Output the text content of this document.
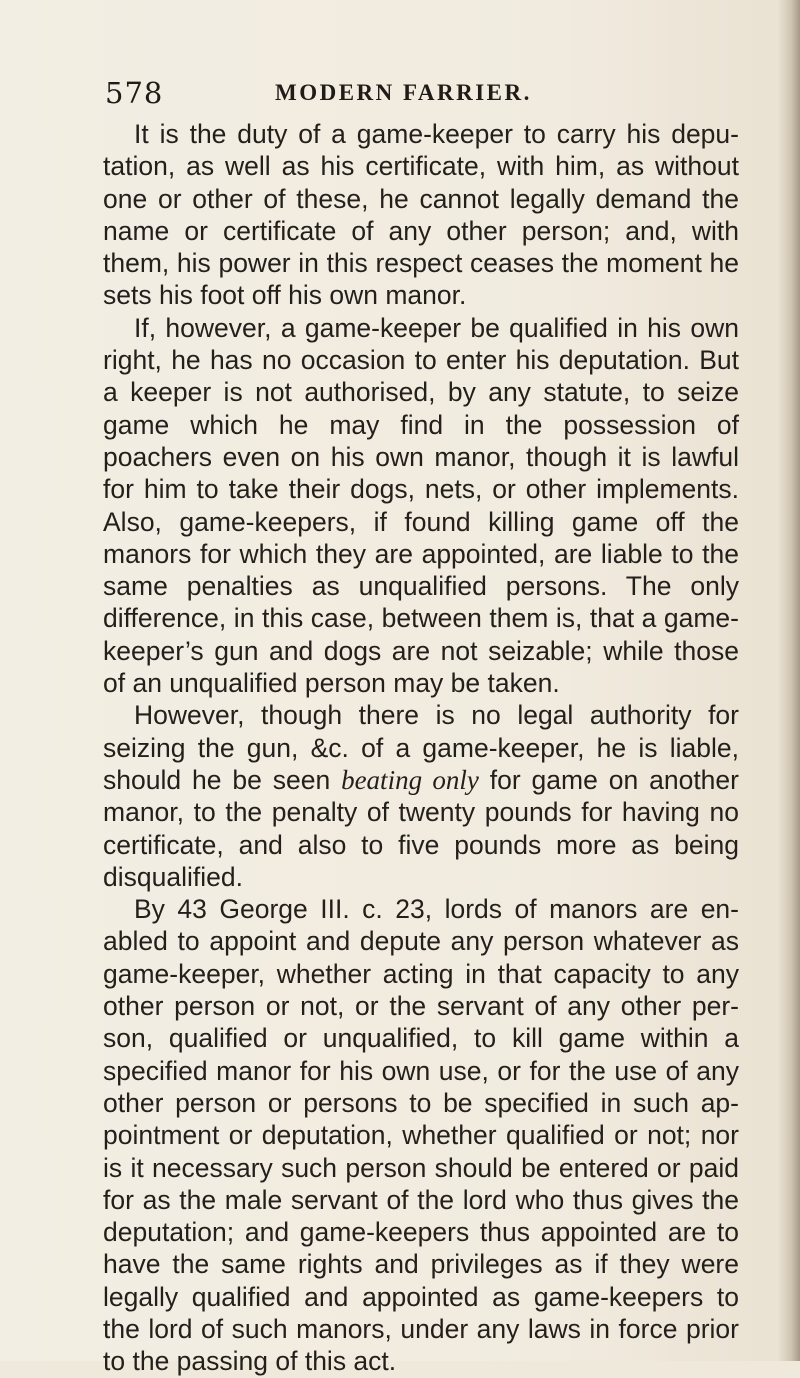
578	MODERN FARRIER.

It is the duty of a game-keeper to carry his deputation, as well as his certificate, with him, as without one or other of these, he cannot legally demand the name or certificate of any other person; and, with them, his power in this respect ceases the moment he sets his foot off his own manor.

If, however, a game-keeper be qualified in his own right, he has no occasion to enter his deputation. But a keeper is not authorised, by any statute, to seize game which he may find in the possession of poachers even on his own manor, though it is lawful for him to take their dogs, nets, or other implements. Also, game-keepers, if found killing game off the manors for which they are appointed, are liable to the same penalties as unqualified persons. The only difference, in this case, between them is, that a game-keeper’s gun and dogs are not seizable; while those of an unqualified person may be taken.

However, though there is no legal authority for seizing the gun, &c. of a game-keeper, he is liable, should he be seen beating only for game on another manor, to the penalty of twenty pounds for having no certificate, and also to five pounds more as being disqualified.

By 43 George III. c. 23, lords of manors are enabled to appoint and depute any person whatever as game-keeper, whether acting in that capacity to any other person or not, or the servant of any other person, qualified or unqualified, to kill game within a specified manor for his own use, or for the use of any other person or persons to be specified in such appointment or deputation, whether qualified or not; nor is it necessary such person should be entered or paid for as the male servant of the lord who thus gives the deputation; and game-keepers thus appointed are to have the same rights and privileges as if they were legally qualified and appointed as game-keepers to the lord of such manors, under any laws in force prior to the passing of this act.
